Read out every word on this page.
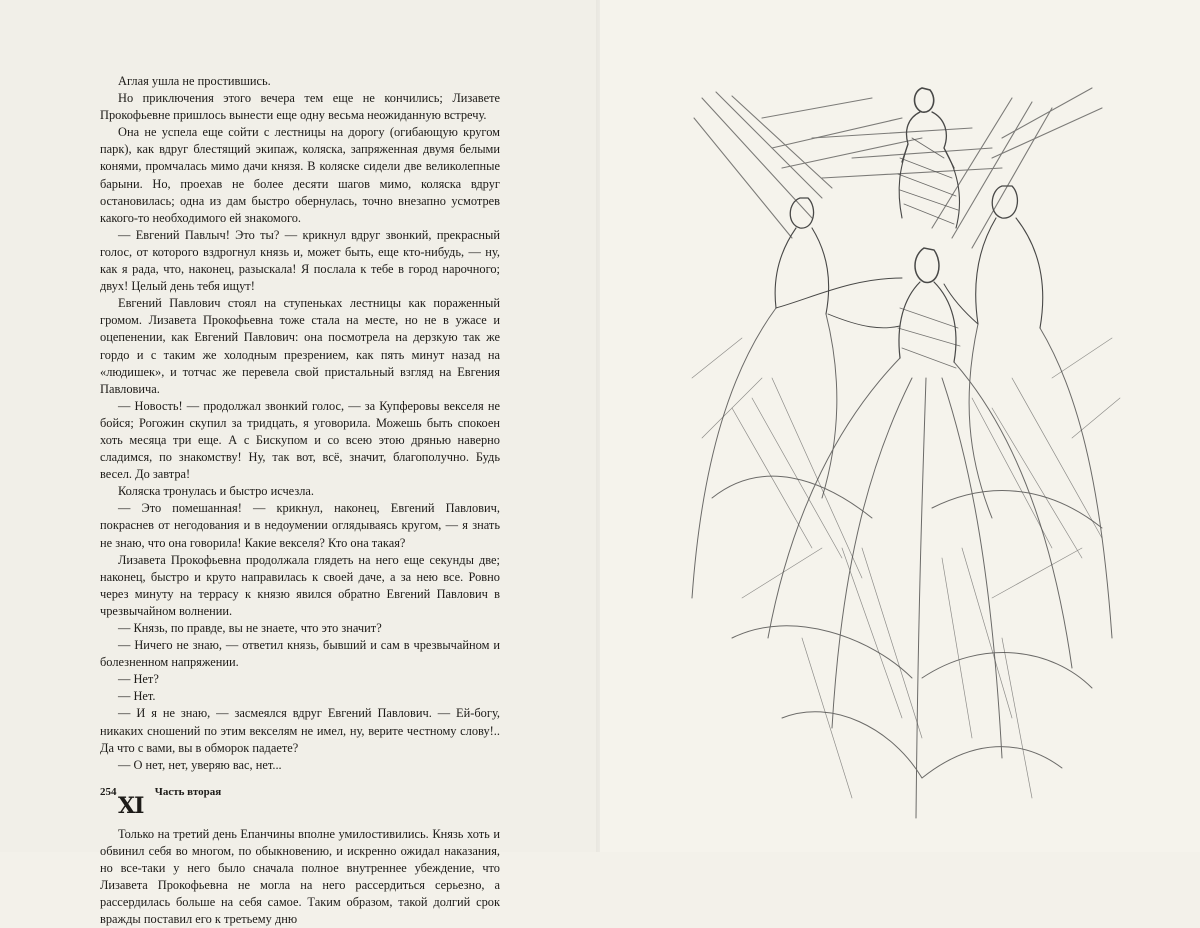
Аглая ушла не простившись.

Но приключения этого вечера тем еще не кончились; Лизавете Прокофьевне пришлось вынести еще одну весьма неожиданную встречу.

Она не успела еще сойти с лестницы на дорогу (огибающую кругом парк), как вдруг блестящий экипаж, коляска, запряженная двумя белыми конями, промчалась мимо дачи князя. В коляске сидели две великолепные барыни. Но, проехав не более десяти шагов мимо, коляска вдруг остановилась; одна из дам быстро обернулась, точно внезапно усмотрев какого-то необходимого ей знакомого.

— Евгений Павлыч! Это ты? — крикнул вдруг звонкий, прекрасный голос, от которого вздрогнул князь и, может быть, еще кто-нибудь, — ну, как я рада, что, наконец, разыскала! Я послала к тебе в город нарочного; двух! Целый день тебя ищут!

Евгений Павлович стоял на ступеньках лестницы как пораженный громом. Лизавета Прокофьевна тоже стала на месте, но не в ужасе и оцепенении, как Евгений Павлович: она посмотрела на дерзкую так же гордо и с таким же холодным презрением, как пять минут назад на «людишек», и тотчас же перевела свой пристальный взгляд на Евгения Павловича.

— Новость! — продолжал звонкий голос, — за Купферовы векселя не бойся; Рогожин скупил за тридцать, я уговорила. Можешь быть спокоен хоть месяца три еще. А с Бискупом и со всею этою дрянью наверно сладимся, по знакомству! Ну, так вот, всё, значит, благополучно. Будь весел. До завтра!

Коляска тронулась и быстро исчезла.

— Это помешанная! — крикнул, наконец, Евгений Павлович, покраснев от негодования и в недоумении оглядываясь кругом, — я знать не знаю, что она говорила! Какие векселя? Кто она такая?

Лизавета Прокофьевна продолжала глядеть на него еще секунды две; наконец, быстро и круто направилась к своей даче, а за нею все. Ровно через минуту на террасу к князю явился обратно Евгений Павлович в чрезвычайном волнении.

— Князь, по правде, вы не знаете, что это значит?

— Ничего не знаю, — ответил князь, бывший и сам в чрезвычайном и болезненном напряжении.

— Нет?

— Нет.

— И я не знаю, — засмеялся вдруг Евгений Павлович. — Ей-богу, никаких сношений по этим векселям не имел, ну, верите честному слову!.. Да что с вами, вы в обморок падаете?

— О нет, нет, уверяю вас, нет...

XI

Только на третий день Епанчины вполне умилостивились. Князь хоть и обвинил себя во многом, по обыкновению, и искренно ожидал наказания, но все-таки у него было сначала полное внутреннее убеждение, что Лизавета Прокофьевна не могла на него рассердиться серьезно, а рассердилась больше на себя самое. Таким образом, такой долгий срок вражды поставил его к третьему дню

254	Часть вторая
